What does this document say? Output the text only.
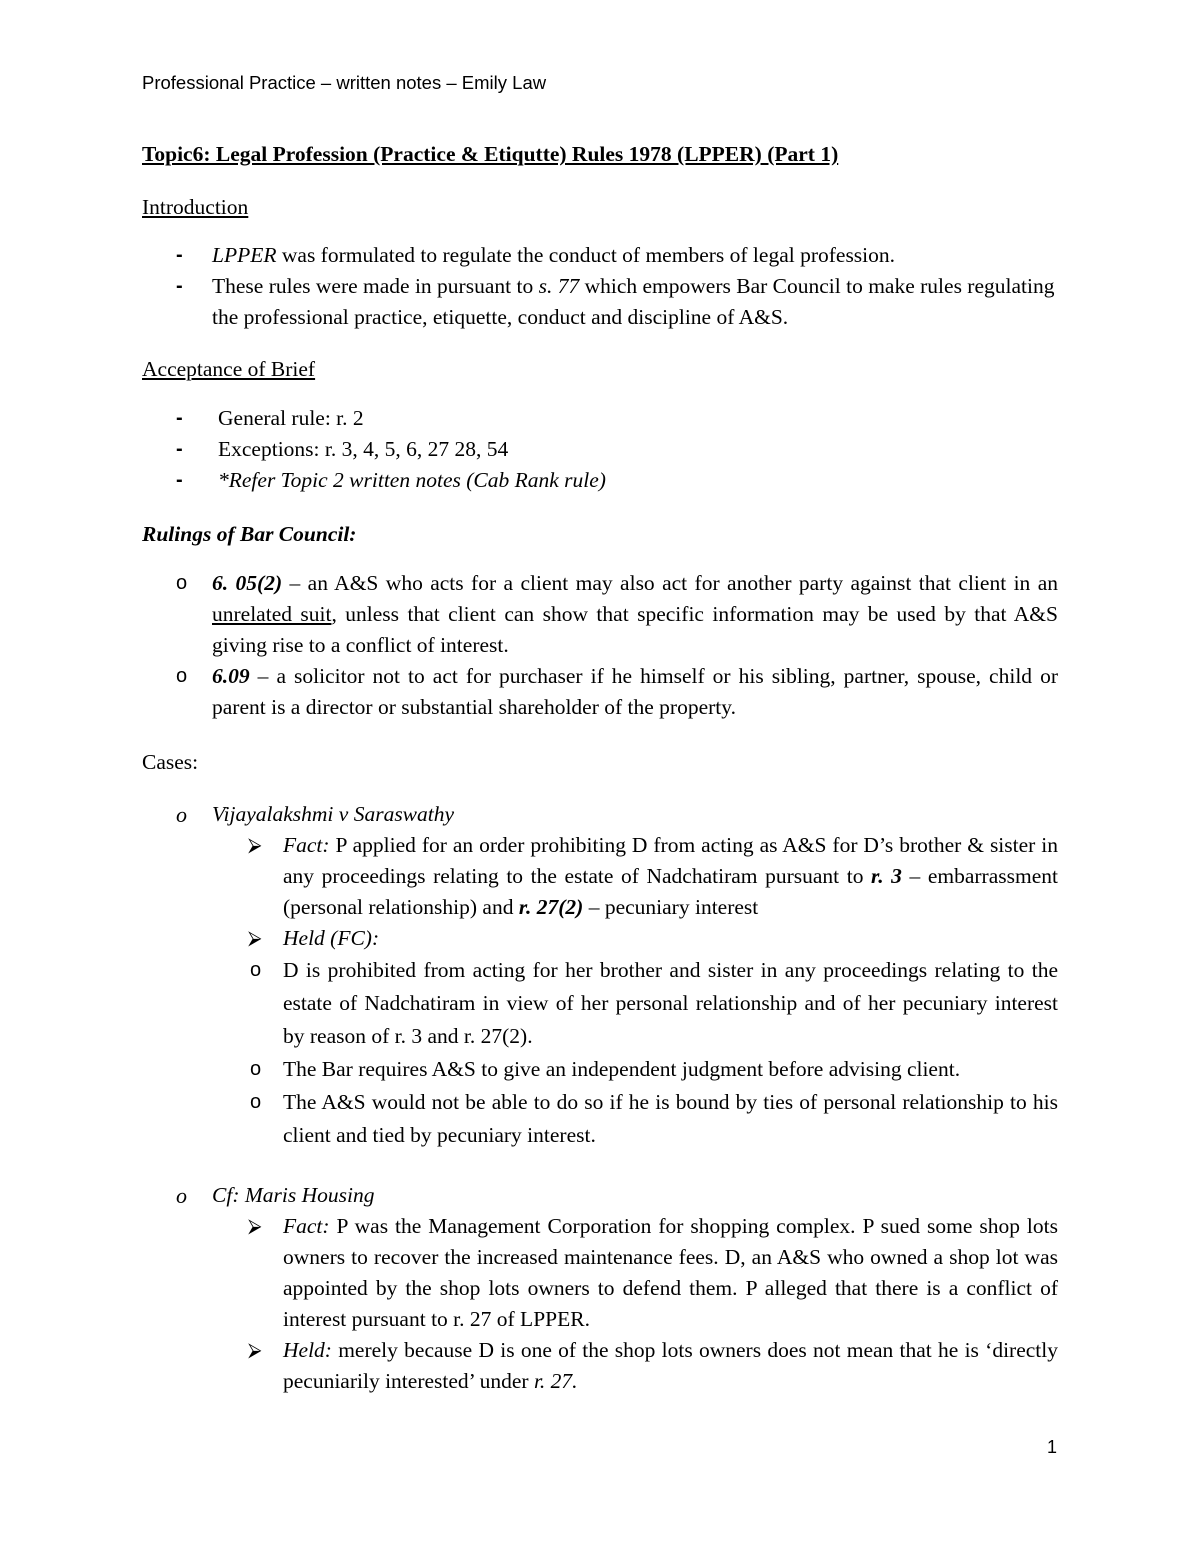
Professional Practice – written notes – Emily Law
Topic6: Legal Profession (Practice & Etiqutte) Rules 1978 (LPPER) (Part 1)
Introduction
- LPPER was formulated to regulate the conduct of members of legal profession.
- These rules were made in pursuant to s. 77 which empowers Bar Council to make rules regulating the professional practice, etiquette, conduct and discipline of A&S.
Acceptance of Brief
- General rule: r. 2
- Exceptions: r. 3, 4, 5, 6, 27 28, 54
- *Refer Topic 2 written notes (Cab Rank rule)
Rulings of Bar Council:
o 6. 05(2) – an A&S who acts for a client may also act for another party against that client in an unrelated suit, unless that client can show that specific information may be used by that A&S giving rise to a conflict of interest.
o 6.09 – a solicitor not to act for purchaser if he himself or his sibling, partner, spouse, child or parent is a director or substantial shareholder of the property.
Cases:
o Vijayalakshmi v Saraswathy
⮚ Fact: P applied for an order prohibiting D from acting as A&S for D’s brother & sister in any proceedings relating to the estate of Nadchatiram pursuant to r. 3 – embarrassment (personal relationship) and r. 27(2) – pecuniary interest
⮚ Held (FC):
o D is prohibited from acting for her brother and sister in any proceedings relating to the estate of Nadchatiram in view of her personal relationship and of her pecuniary interest by reason of r. 3 and r. 27(2).
o The Bar requires A&S to give an independent judgment before advising client.
o The A&S would not be able to do so if he is bound by ties of personal relationship to his client and tied by pecuniary interest.
o Cf: Maris Housing
⮚ Fact: P was the Management Corporation for shopping complex. P sued some shop lots owners to recover the increased maintenance fees. D, an A&S who owned a shop lot was appointed by the shop lots owners to defend them. P alleged that there is a conflict of interest pursuant to r. 27 of LPPER.
⮚ Held: merely because D is one of the shop lots owners does not mean that he is ‘directly pecuniarily interested’ under r. 27.
1
